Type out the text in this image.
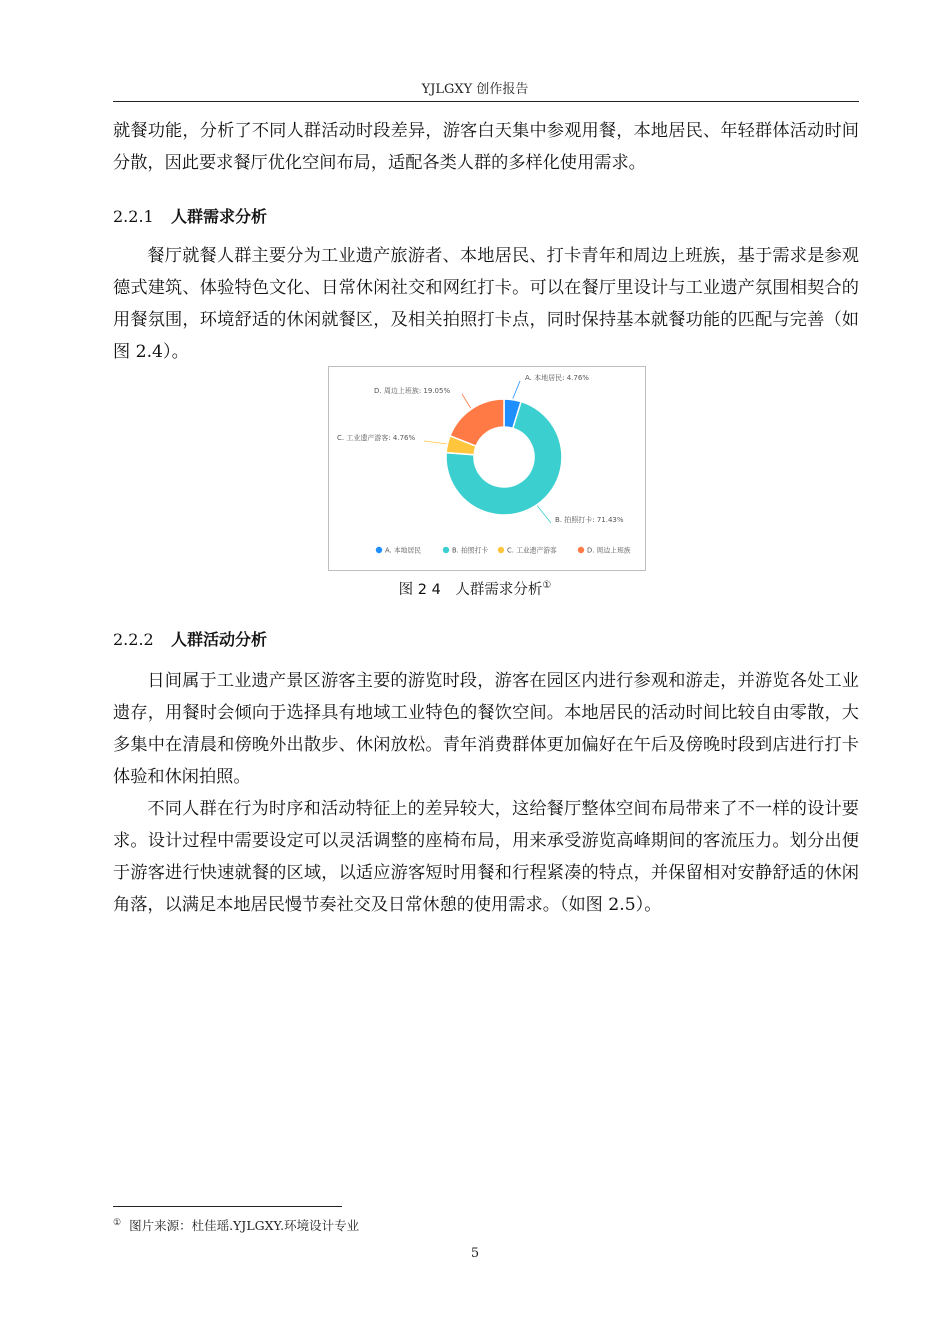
YJLGXY 创作报告
就餐功能，分析了不同人群活动时段差异，游客白天集中参观用餐，本地居民、年轻群体活动时间分散，因此要求餐厅优化空间布局，适配各类人群的多样化使用需求。
2.2.1 人群需求分析
餐厅就餐人群主要分为工业遗产旅游者、本地居民、打卡青年和周边上班族，基于需求是参观德式建筑、体验特色文化、日常休闲社交和网红打卡。可以在餐厅里设计与工业遗产氛围相契合的用餐氛围，环境舒适的休闲就餐区，及相关拍照打卡点，同时保持基本就餐功能的匹配与完善（如图 2.4）。
A. 本地居民: 4.76%
B. 拍照打卡: 71.43%
C. 工业遗产游客: 4.76%
D. 周边上班族: 19.05%
A. 本地居民	B. 拍照打卡	C. 工业遗产游客	D. 周边上班族
图 2 4　人群需求分析①
2.2.2 人群活动分析
日间属于工业遗产景区游客主要的游览时段，游客在园区内进行参观和游走，并游览各处工业遗存，用餐时会倾向于选择具有地域工业特色的餐饮空间。本地居民的活动时间比较自由零散，大多集中在清晨和傍晚外出散步、休闲放松。青年消费群体更加偏好在午后及傍晚时段到店进行打卡体验和休闲拍照。
不同人群在行为时序和活动特征上的差异较大，这给餐厅整体空间布局带来了不一样的设计要求。设计过程中需要设定可以灵活调整的座椅布局，用来承受游览高峰期间的客流压力。划分出便于游客进行快速就餐的区域，以适应游客短时用餐和行程紧凑的特点，并保留相对安静舒适的休闲角落，以满足本地居民慢节奏社交及日常休憩的使用需求。（如图 2.5）。
① 图片来源：杜佳瑶.YJLGXY.环境设计专业
5
